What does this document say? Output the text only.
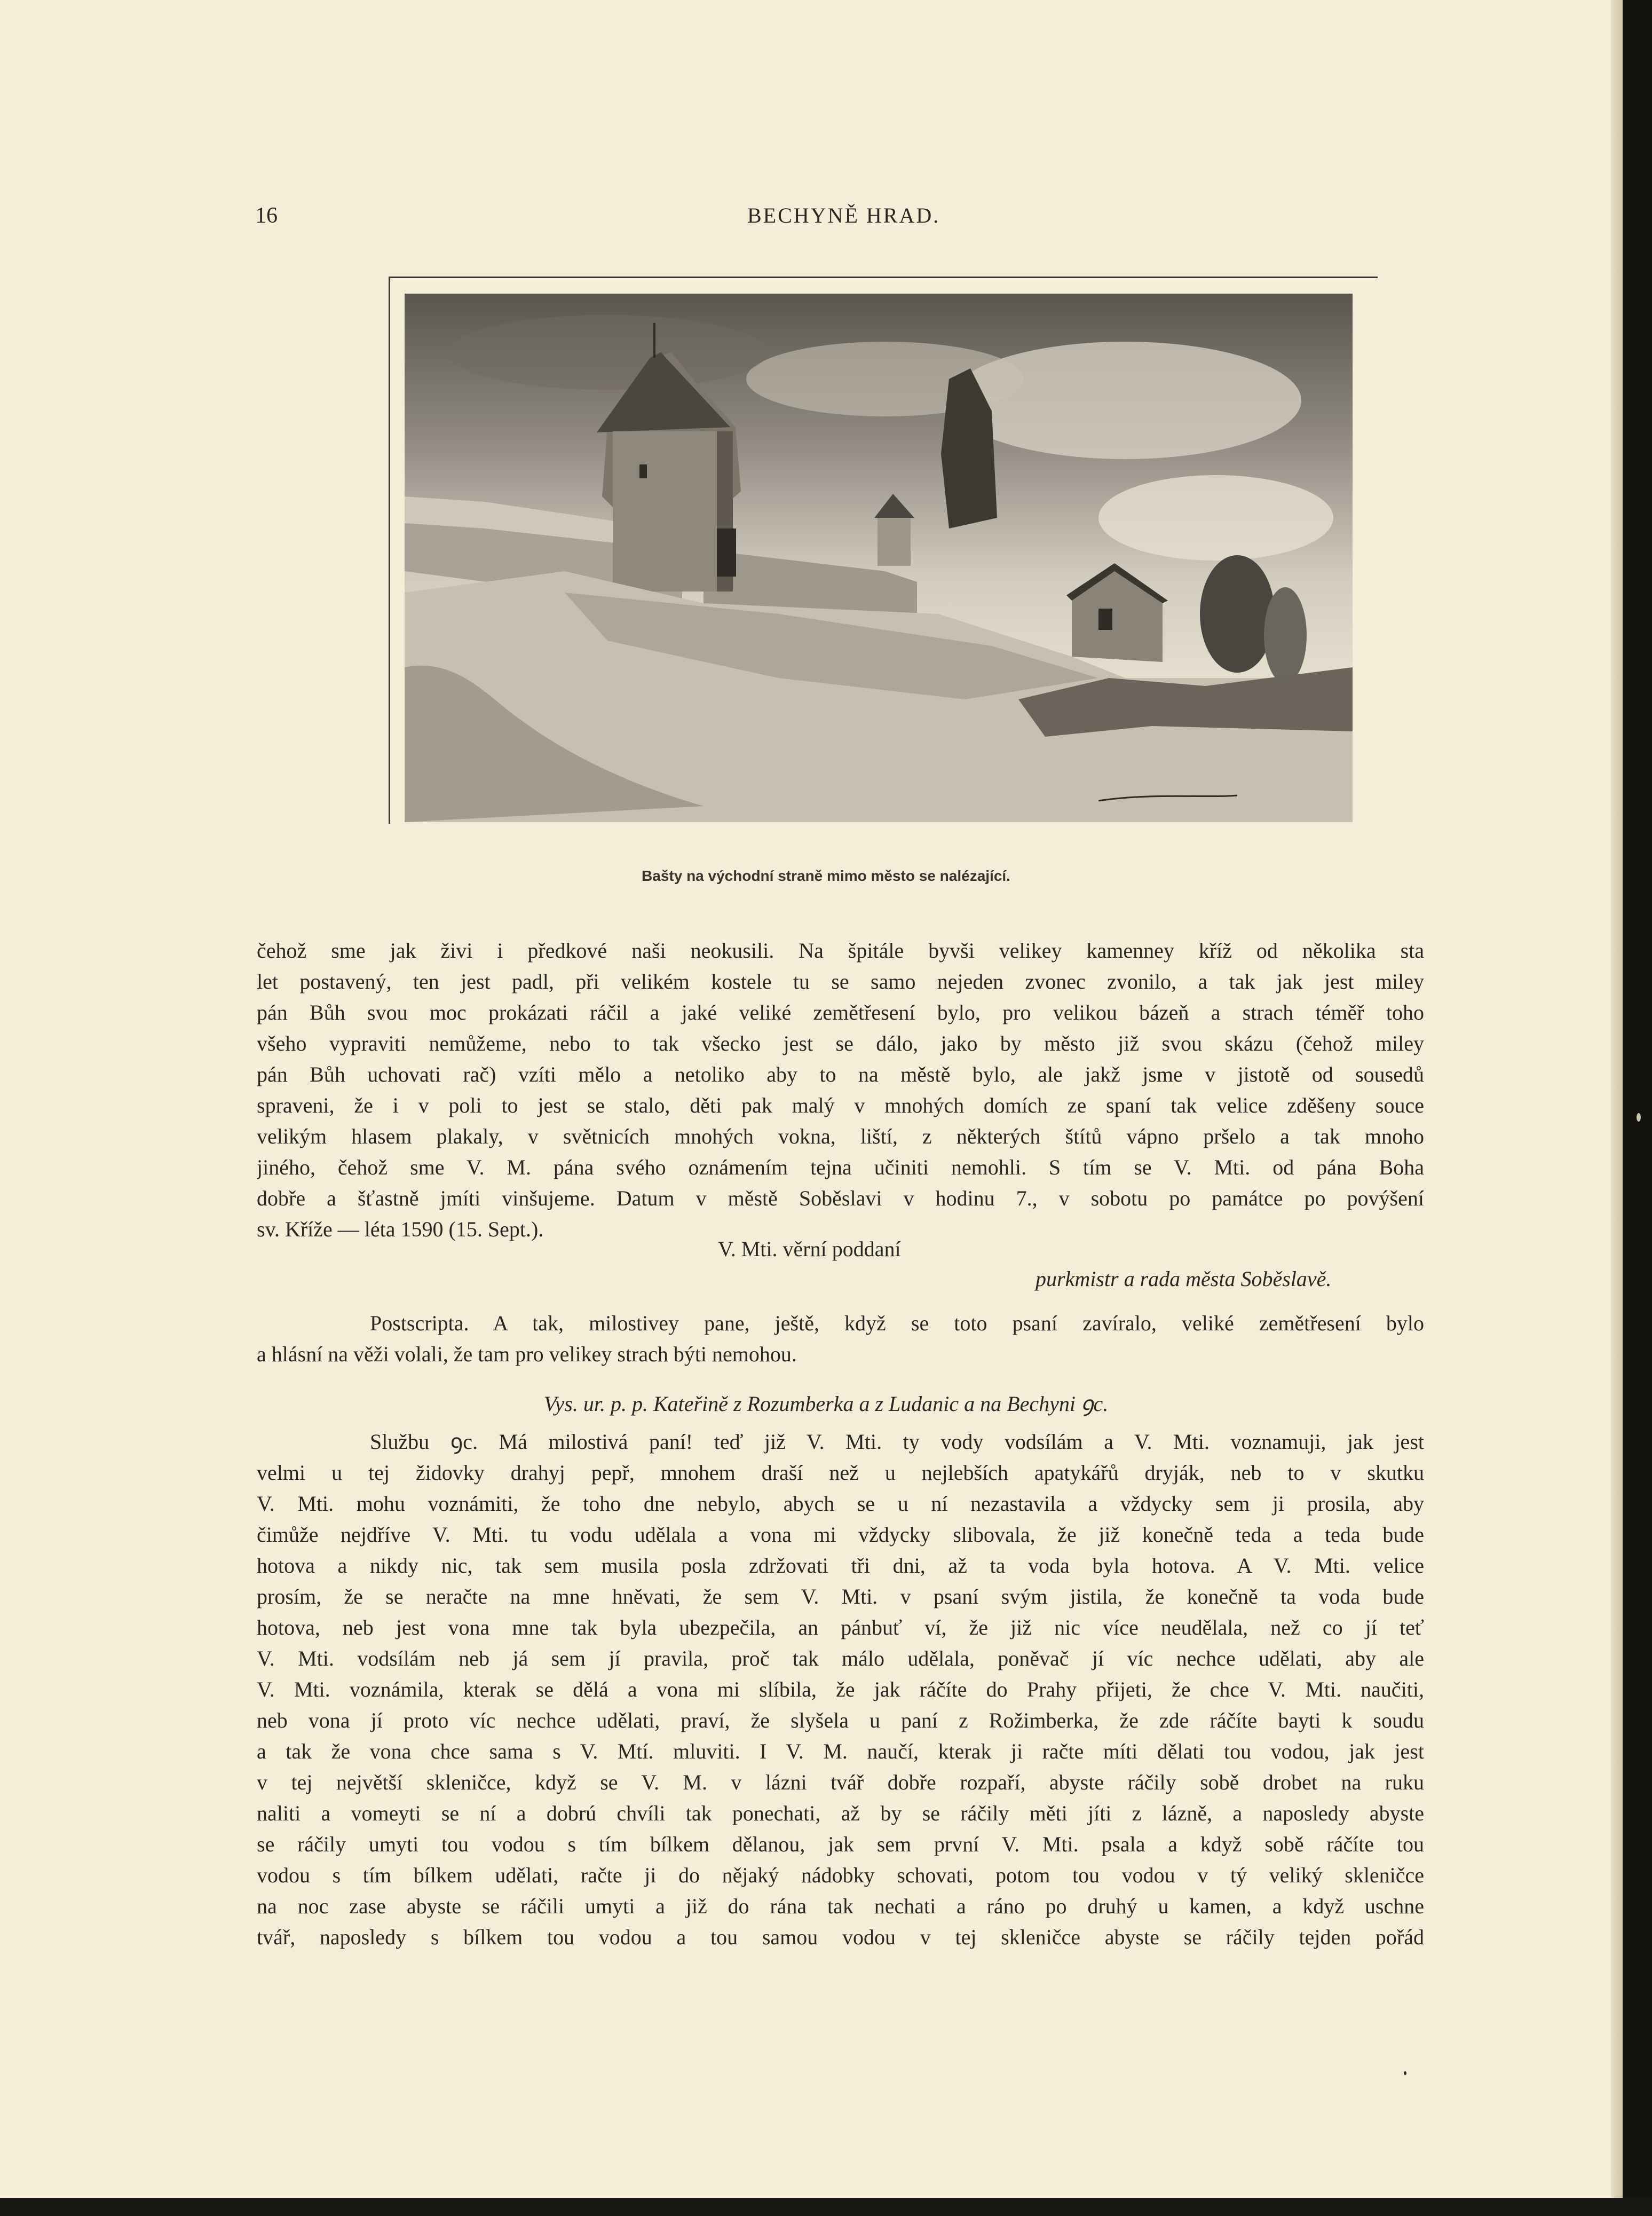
16	BECHYNĚ HRAD.
Bašty na východní straně mimo město se nalézající.
čehož sme jak živi i předkové naši neokusili. Na špitále byvši velikey kamenney kříž od několika sta
let postavený, ten jest padl, při velikém kostele tu se samo nejeden zvonec zvonilo, a tak jak jest miley
pán Bůh svou moc prokázati ráčil a jaké veliké zemětřesení bylo, pro velikou bázeň a strach téměř toho
všeho vypraviti nemůžeme, nebo to tak všecko jest se dálo, jako by město již svou skázu (čehož miley
pán Bůh uchovati rač) vzíti mělo a netoliko aby to na městě bylo, ale jakž jsme v jistotě od sousedů
spraveni, že i v poli to jest se stalo, děti pak malý v mnohých domích ze spaní tak velice zděšeny souce
velikým hlasem plakaly, v světnicích mnohých vokna, liští, z některých štítů vápno pršelo a tak mnoho
jiného, čehož sme V. M. pána svého oznámením tejna učiniti nemohli. S tím se V. Mti. od pána Boha
dobře a šťastně jmíti vinšujeme. Datum v městě Soběslavi v hodinu 7., v sobotu po památce po povýšení
sv. Kříže — léta 1590 (15. Sept.).
V. Mti. věrní poddaní
purkmistr a rada města Soběslavě.
Postscripta. A tak, milostivey pane, ještě, když se toto psaní zavíralo, veliké zemětřesení bylo
a hlásní na věži volali, že tam pro velikey strach býti nemohou.
Vys. ur. p. p. Kateřině z Rozumberka a z Ludanic a na Bechyni ꝯc.
Službu ꝯc. Má milostivá paní! teď již V. Mti. ty vody vodsílám a V. Mti. voznamuji, jak jest
velmi u tej židovky drahyj pepř, mnohem draší než u nejlebších apatykářů dryják, neb to v skutku
V. Mti. mohu voznámiti, že toho dne nebylo, abych se u ní nezastavila a vždycky sem ji prosila, aby
čimůže nejdříve V. Mti. tu vodu udělala a vona mi vždycky slibovala, že již konečně teda a teda bude
hotova a nikdy nic, tak sem musila posla zdržovati tři dni, až ta voda byla hotova. A V. Mti. velice
prosím, že se neračte na mne hněvati, že sem V. Mti. v psaní svým jistila, že konečně ta voda bude
hotova, neb jest vona mne tak byla ubezpečila, an pánbuť ví, že již nic více neudělala, než co jí teť
V. Mti. vodsílám neb já sem jí pravila, proč tak málo udělala, poněvač jí víc nechce udělati, aby ale
V. Mti. voznámila, kterak se dělá a vona mi slíbila, že jak ráčíte do Prahy přijeti, že chce V. Mti. naučiti,
neb vona jí proto víc nechce udělati, praví, že slyšela u paní z Rožimberka, že zde ráčíte bayti k soudu
a tak že vona chce sama s V. Mtí. mluviti. I V. M. naučí, kterak ji račte míti dělati tou vodou, jak jest
v tej největší skleničce, když se V. M. v lázni tvář dobře rozpaří, abyste ráčily sobě drobet na ruku
naliti a vomeyti se ní a dobrú chvíli tak ponechati, až by se ráčily měti jíti z lázně, a naposledy abyste
se ráčily umyti tou vodou s tím bílkem dělanou, jak sem první V. Mti. psala a když sobě ráčíte tou
vodou s tím bílkem udělati, račte ji do nějaký nádobky schovati, potom tou vodou v tý veliký skleničce
na noc zase abyste se ráčili umyti a již do rána tak nechati a ráno po druhý u kamen, a když uschne
tvář, naposledy s bílkem tou vodou a tou samou vodou v tej skleničce abyste se ráčily tejden pořád
